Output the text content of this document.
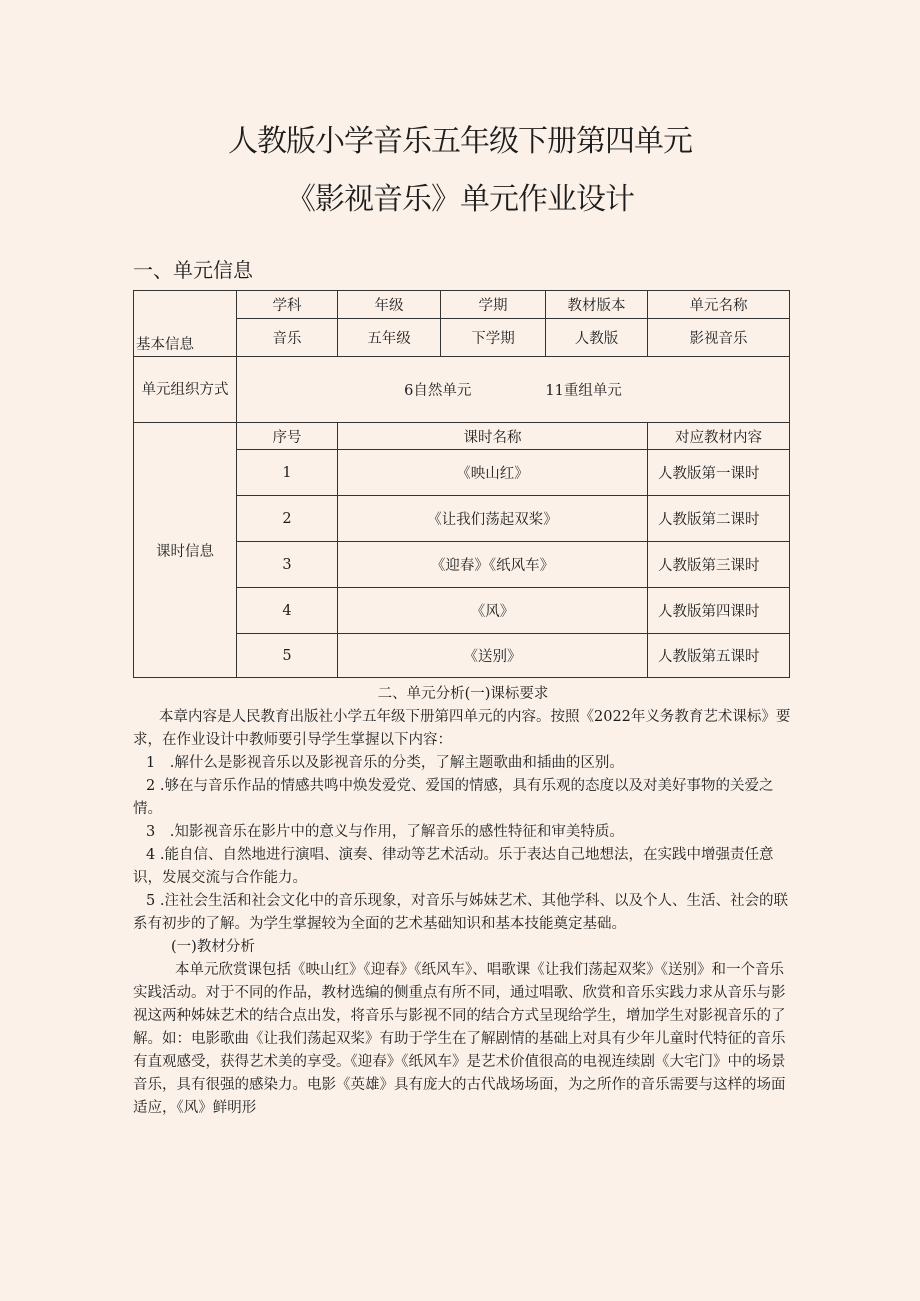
人教版小学音乐五年级下册第四单元
《影视音乐》单元作业设计
一、单元信息
基本信息	学科	年级	学期	教材版本	单元名称
	音乐	五年级	下学期	人教版	影视音乐
单元组织方式	6自然单元 11重组单元				
课时信息	序号	课时名称			对应教材内容
	1	《映山红》			人教版第一课时
	2	《让我们荡起双桨》			人教版第二课时
	3	《迎春》《纸风车》			人教版第三课时
	4	《风》			人教版第四课时
	5	《送别》			人教版第五课时

二、单元分析(一)课标要求

本章内容是人民教育出版社小学五年级下册第四单元的内容。按照《2022年义务教育艺术课标》要求，在作业设计中教师要引导学生掌握以下内容：

1　.解什么是影视音乐以及影视音乐的分类，了解主题歌曲和插曲的区别。

2 .够在与音乐作品的情感共鸣中焕发爱党、爱国的情感，具有乐观的态度以及对美好事物的关爱之情。

3　.知影视音乐在影片中的意义与作用，了解音乐的感性特征和审美特质。

4 .能自信、自然地进行演唱、演奏、律动等艺术活动。乐于表达自己地想法，在实践中增强责任意识，发展交流与合作能力。

5 .注社会生活和社会文化中的音乐现象，对音乐与姊妹艺术、其他学科、以及个人、生活、社会的联系有初步的了解。为学生掌握较为全面的艺术基础知识和基本技能奠定基础。

(一)教材分析

本单元欣赏课包括《映山红》《迎春》《纸风车》、唱歌课《让我们荡起双桨》《送别》和一个音乐实践活动。对于不同的作品，教材选编的侧重点有所不同，通过唱歌、欣赏和音乐实践力求从音乐与影视这两种姊妹艺术的结合点出发，将音乐与影视不同的结合方式呈现给学生，增加学生对影视音乐的了解。如：电影歌曲《让我们荡起双桨》有助于学生在了解剧情的基础上对具有少年儿童时代特征的音乐有直观感受，获得艺术美的享受。《迎春》《纸风车》是艺术价值很高的电视连续剧《大宅门》中的场景音乐，具有很强的感染力。电影《英雄》具有庞大的古代战场场面，为之所作的音乐需要与这样的场面适应，《风》鲜明形
